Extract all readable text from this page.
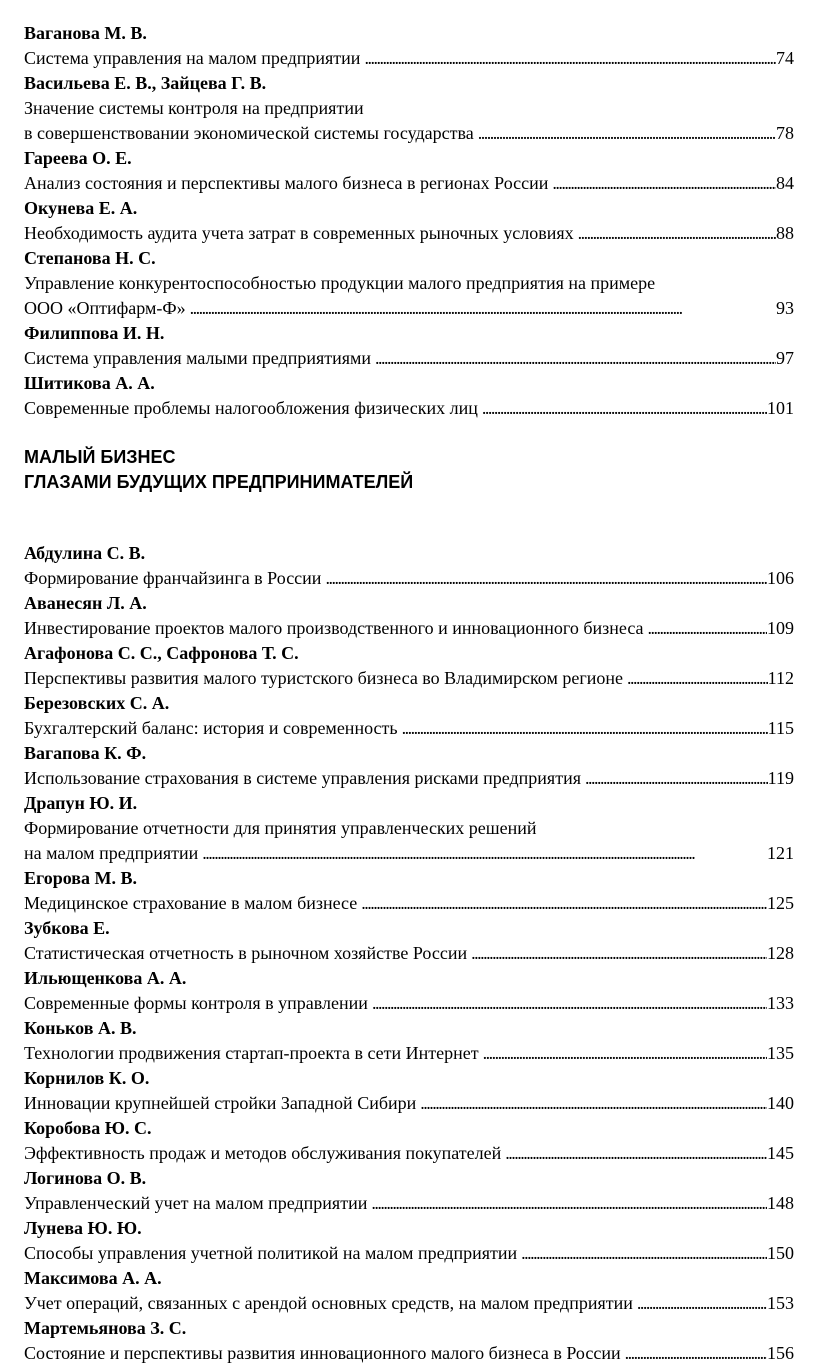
Ваганова М. В.
Система управления на малом предприятии . . .	74
Васильева Е. В., Зайцева Г. В.
Значение системы контроля на предприятии
в совершенствовании экономической системы государства . . .	78
Гареева О. Е.
Анализ состояния и перспективы малого бизнеса в регионах России . . .	84
Окунева Е. А.
Необходимость аудита учета затрат в современных рыночных условиях . . .	88
Степанова Н. С.
Управление конкурентоспособностью продукции малого предприятия на примере
ООО «Оптифарм-Ф» . . .	93
Филиппова И. Н.
Система управления малыми предприятиями . . .	97
Шитикова А. А.
Современные проблемы налогообложения физических лиц . . .	101
МАЛЫЙ БИЗНЕС
ГЛАЗАМИ БУДУЩИХ ПРЕДПРИНИМАТЕЛЕЙ
Абдулина С. В.
Формирование франчайзинга в России . . .	106
Аванесян Л. А.
Инвестирование проектов малого производственного и инновационного бизнеса . . .	109
Агафонова С. С., Сафронова Т. С.
Перспективы развития малого туристского бизнеса во Владимирском регионе . . .	112
Березовских С. А.
Бухгалтерский баланс: история и современность . . .	115
Вагапова К. Ф.
Использование страхования в системе управления рисками предприятия . . .	119
Драпун Ю. И.
Формирование отчетности для принятия управленческих решений
на малом предприятии . . .	121
Егорова М. В.
Медицинское страхование в малом бизнесе . . .	125
Зубкова Е.
Статистическая отчетность в рыночном хозяйстве России . . .	128
Ильющенкова А. А.
Современные формы контроля в управлении . . .	133
Коньков А. В.
Технологии продвижения стартап-проекта в сети Интернет . . .	135
Корнилов К. О.
Инновации крупнейшей стройки Западной Сибири . . .	140
Коробова Ю. С.
Эффективность продаж и методов обслуживания покупателей . . .	145
Логинова О. В.
Управленческий учет на малом предприятии . . .	148
Лунева Ю. Ю.
Способы управления учетной политикой на малом предприятии . . .	150
Максимова А. А.
Учет операций, связанных с арендой основных средств, на малом предприятии . . .	153
Мартемьянова З. С.
Состояние и перспективы развития инновационного малого бизнеса в России . . .	156
